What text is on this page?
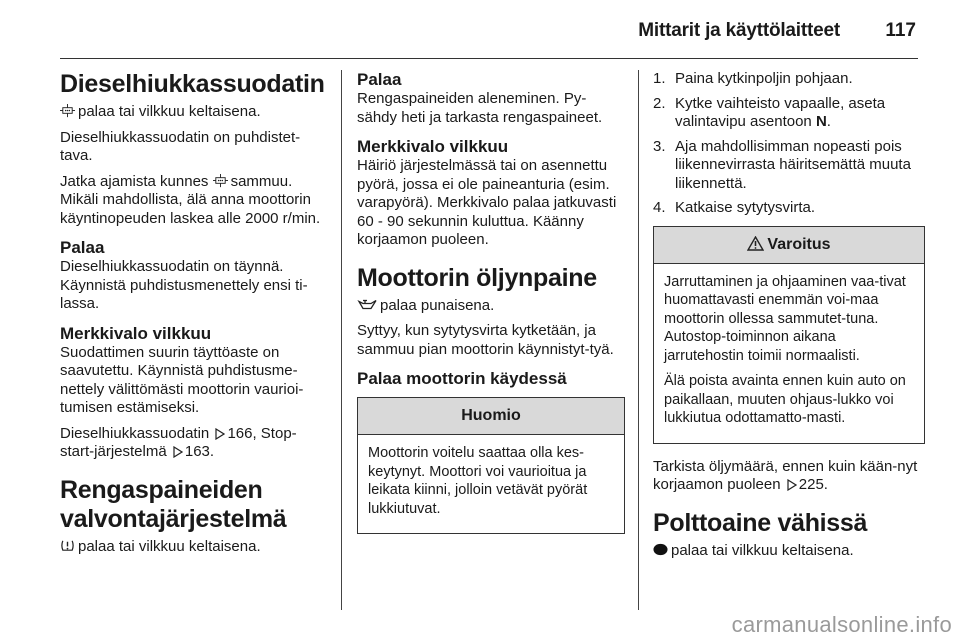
Mittarit ja käyttölaitteet 117
Dieselhiukkassuodatin

palaa tai vilkkuu keltaisena.

Dieselhiukkassuodatin on puhdistet-tava.

Jatka ajamista kunnes sammuu. Mikäli mahdollista, älä anna moottorin käyntinopeuden laskea alle 2000 r/min.

Palaa

Dieselhiukkassuodatin on täynnä. Käynnistä puhdistusmenettely ensi ti-lassa.

Merkkivalo vilkkuu

Suodattimen suurin täyttöaste on saavutettu. Käynnistä puhdistusme-nettely välittömästi moottorin vaurioi-tumisen estämiseksi.

Dieselhiukkassuodatin 166, Stop-
start-järjestelmä 163.

Rengaspaineiden
valvontajärjestelmä

palaa tai vilkkuu keltaisena.

Palaa

Rengaspaineiden aleneminen. Py-sähdy heti ja tarkasta rengaspaineet.

Merkkivalo vilkkuu

Häiriö järjestelmässä tai on asennettu pyörä, jossa ei ole paineanturia (esim. varapyörä). Merkkivalo palaa jatkuvasti 60 - 90 sekunnin kuluttua. Käänny korjaamon puoleen.

Moottorin öljynpaine

palaa punaisena.

Syttyy, kun sytytysvirta kytketään, ja sammuu pian moottorin käynnistyt-tyä.

Palaa moottorin käydessä
Huomio

Moottorin voitelu saattaa olla kes-keytynyt. Moottori voi vaurioitua ja leikata kiinni, jolloin vetävät pyörät lukkiutuvat.

1. Paina kytkinpoljin pohjaan.
2. Kytke vaihteisto vapaalle, aseta valintavipu asentoon N.
3. Aja mahdollisimman nopeasti pois liikennevirrasta häiritsemättä muuta liikennettä.
4. Katkaise sytytysvirta.
Varoitus

Jarruttaminen ja ohjaaminen vaa-tivat huomattavasti enemmän voi-maa moottorin ollessa sammutet-tuna. Autostop-toiminnon aikana jarrutehostin toimii normaalisti.

Älä poista avainta ennen kuin auto on paikallaan, muuten ohjaus-lukko voi lukkiutua odottamatto-masti.

Tarkista öljymäärä, ennen kuin kään-nyt korjaamon puoleen 225.

Polttoaine vähissä

palaa tai vilkkuu keltaisena.

carmanualsonline.info
